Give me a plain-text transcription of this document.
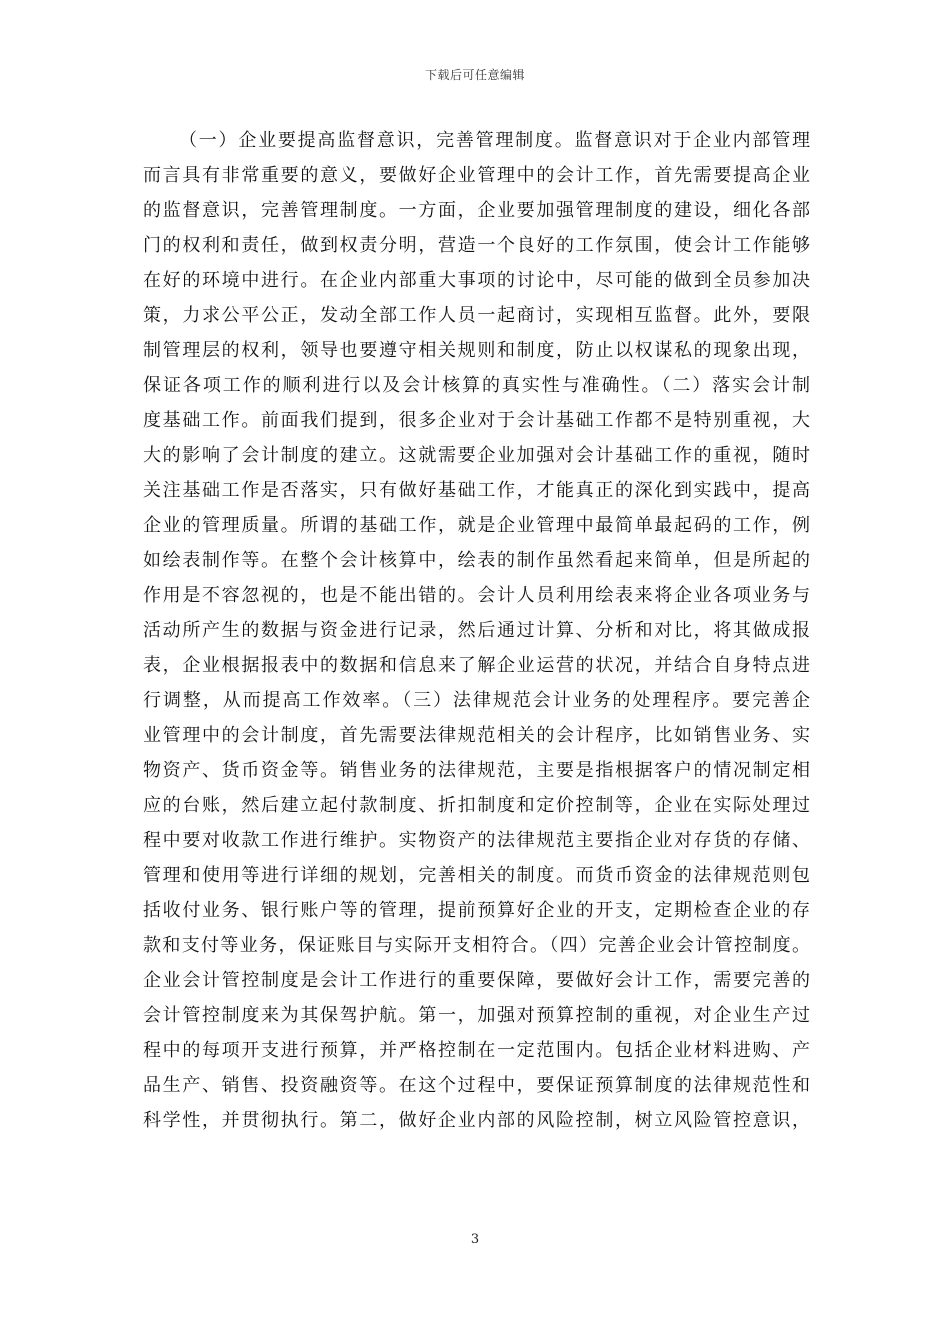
下载后可任意编辑
（一）企业要提高监督意识，完善管理制度。监督意识对于企业内部管理
而言具有非常重要的意义，要做好企业管理中的会计工作，首先需要提高企业
的监督意识，完善管理制度。一方面，企业要加强管理制度的建设，细化各部
门的权利和责任，做到权责分明，营造一个良好的工作氛围，使会计工作能够
在好的环境中进行。在企业内部重大事项的讨论中，尽可能的做到全员参加决
策，力求公平公正，发动全部工作人员一起商讨，实现相互监督。此外，要限
制管理层的权利，领导也要遵守相关规则和制度，防止以权谋私的现象出现，
保证各项工作的顺利进行以及会计核算的真实性与准确性。（二）落实会计制
度基础工作。前面我们提到，很多企业对于会计基础工作都不是特别重视，大
大的影响了会计制度的建立。这就需要企业加强对会计基础工作的重视，随时
关注基础工作是否落实，只有做好基础工作，才能真正的深化到实践中，提高
企业的管理质量。所谓的基础工作，就是企业管理中最简单最起码的工作，例
如绘表制作等。在整个会计核算中，绘表的制作虽然看起来简单，但是所起的
作用是不容忽视的，也是不能出错的。会计人员利用绘表来将企业各项业务与
活动所产生的数据与资金进行记录，然后通过计算、分析和对比，将其做成报
表，企业根据报表中的数据和信息来了解企业运营的状况，并结合自身特点进
行调整，从而提高工作效率。（三）法律规范会计业务的处理程序。要完善企
业管理中的会计制度，首先需要法律规范相关的会计程序，比如销售业务、实
物资产、货币资金等。销售业务的法律规范，主要是指根据客户的情况制定相
应的台账，然后建立起付款制度、折扣制度和定价控制等，企业在实际处理过
程中要对收款工作进行维护。实物资产的法律规范主要指企业对存货的存储、
管理和使用等进行详细的规划，完善相关的制度。而货币资金的法律规范则包
括收付业务、银行账户等的管理，提前预算好企业的开支，定期检查企业的存
款和支付等业务，保证账目与实际开支相符合。（四）完善企业会计管控制度。
企业会计管控制度是会计工作进行的重要保障，要做好会计工作，需要完善的
会计管控制度来为其保驾护航。第一，加强对预算控制的重视，对企业生产过
程中的每项开支进行预算，并严格控制在一定范围内。包括企业材料进购、产
品生产、销售、投资融资等。在这个过程中，要保证预算制度的法律规范性和
科学性，并贯彻执行。第二，做好企业内部的风险控制，树立风险管控意识，
3
